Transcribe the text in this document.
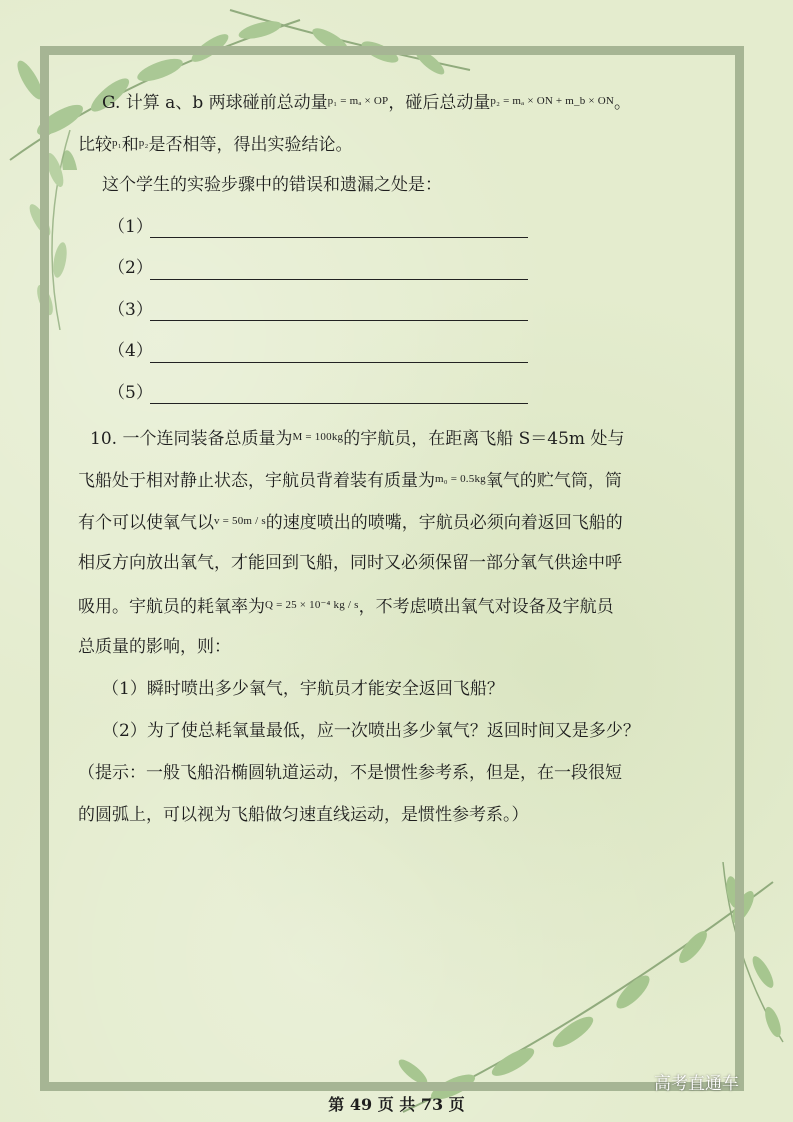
G. 计算 a、b 两球碰前总动量$^{p_1 = m_a \times OP}$，碰后总动量$^{p_2 = m_a \times ON + m\_b \times ON}$。
比较$^{p_1}$和$^{p_2}$是否相等，得出实验结论。
这个学生的实验步骤中的错误和遗漏之处是：
（1）
（2）
（3）
（4）
（5）
10. 一个连同装备总质量为$^{M = 100kg}$的宇航员，在距离飞船 S＝45m 处与
飞船处于相对静止状态，宇航员背着装有质量为$^{m_0 = 0.5kg}$氧气的贮气筒，筒
有个可以使氧气以$^{v = 50m / s}$的速度喷出的喷嘴，宇航员必须向着返回飞船的
相反方向放出氧气，才能回到飞船，同时又必须保留一部分氧气供途中呼
吸用。宇航员的耗氧率为$^{Q = 25 \times 10^{-4} kg / s}$，不考虑喷出氧气对设备及宇航员
总质量的影响，则：
（1）瞬时喷出多少氧气，宇航员才能安全返回飞船？
（2）为了使总耗氧量最低，应一次喷出多少氧气？返回时间又是多少？
（提示：一般飞船沿椭圆轨道运动，不是惯性参考系，但是，在一段很短
的圆弧上，可以视为飞船做匀速直线运动，是惯性参考系。）
高考直通车
第 49 页 共 73 页
